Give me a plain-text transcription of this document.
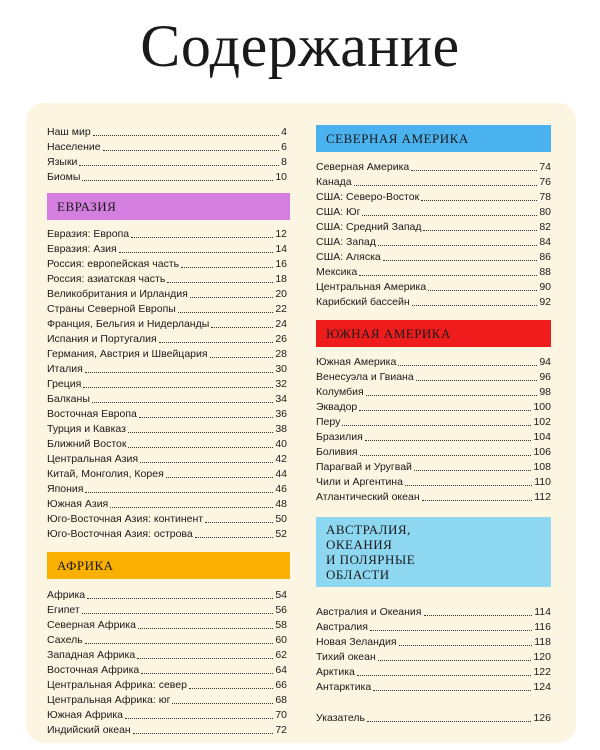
Содержание
Наш мир	4
Население	6
Языки	8
Биомы	10
ЕВРАЗИЯ
Евразия: Европа	12
Евразия: Азия	14
Россия: европейская часть	16
Россия: азиатская часть	18
Великобритания и Ирландия	20
Страны Северной Европы	22
Франция, Бельгия и Нидерланды	24
Испания и Португалия	26
Германия, Австрия и Швейцария	28
Италия	30
Греция	32
Балканы	34
Восточная Европа	36
Турция и Кавказ	38
Ближний Восток	40
Центральная Азия	42
Китай, Монголия, Корея	44
Япония	46
Южная Азия	48
Юго-Восточная Азия: континент	50
Юго-Восточная Азия: острова	52
АФРИКА
Африка	54
Египет	56
Северная Африка	58
Сахель	60
Западная Африка	62
Восточная Африка	64
Центральная Африка: север	66
Центральная Африка: юг	68
Южная Африка	70
Индийский океан	72
СЕВЕРНАЯ АМЕРИКА
Северная Америка	74
Канада	76
США: Северо-Восток	78
США: Юг	80
США: Средний Запад	82
США: Запад	84
США: Аляска	86
Мексика	88
Центральная Америка	90
Карибский бассейн	92
ЮЖНАЯ АМЕРИКА
Южная Америка	94
Венесуэла и Гвиана	96
Колумбия	98
Эквадор	100
Перу	102
Бразилия	104
Боливия	106
Парагвай и Уругвай	108
Чили и Аргентина	110
Атлантический океан	112
АВСТРАЛИЯ,
ОКЕАНИЯ
И ПОЛЯРНЫЕ
ОБЛАСТИ
Австралия и Океания	114
Австралия	116
Новая Зеландия	118
Тихий океан	120
Арктика	122
Антарктика	124
Указатель	126
